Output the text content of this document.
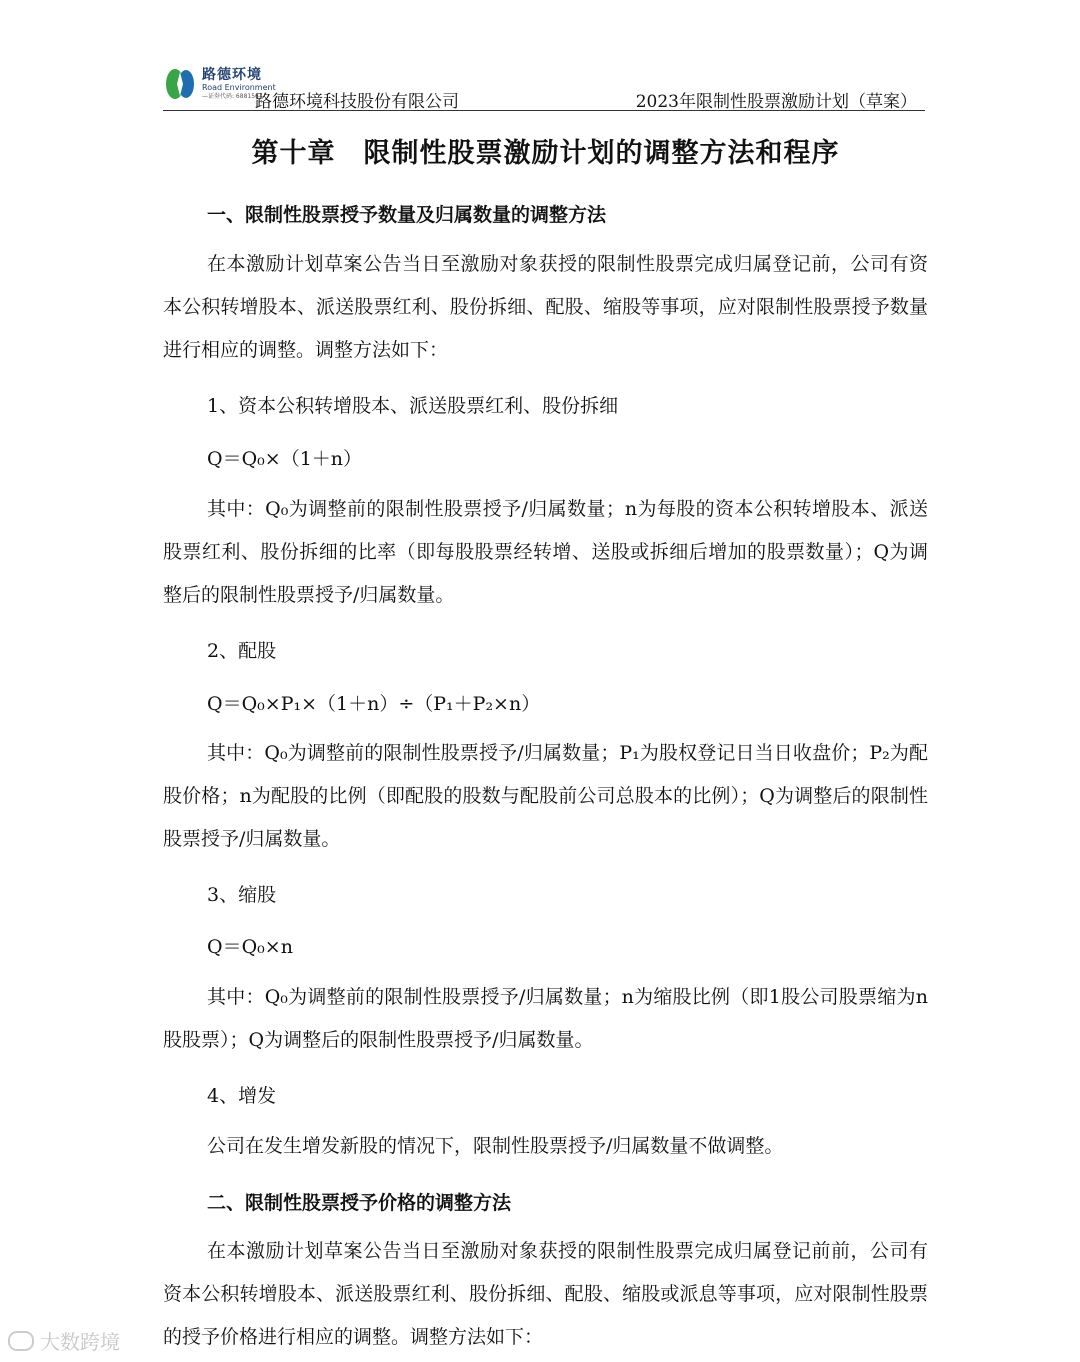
路德环境
Road Environment
—证券代码: 688156—
路德环境科技股份有限公司	2023年限制性股票激励计划（草案）
第十章　限制性股票激励计划的调整方法和程序
一、限制性股票授予数量及归属数量的调整方法
在本激励计划草案公告当日至激励对象获授的限制性股票完成归属登记前，公司有资本公积转增股本、派送股票红利、股份拆细、配股、缩股等事项，应对限制性股票授予数量进行相应的调整。调整方法如下：
1、资本公积转增股本、派送股票红利、股份拆细
Q＝Q₀×（1＋n）
其中：Q₀为调整前的限制性股票授予/归属数量；n为每股的资本公积转增股本、派送股票红利、股份拆细的比率（即每股股票经转增、送股或拆细后增加的股票数量）；Q为调整后的限制性股票授予/归属数量。
2、配股
Q＝Q₀×P₁×（1＋n）÷（P₁＋P₂×n）
其中：Q₀为调整前的限制性股票授予/归属数量；P₁为股权登记日当日收盘价；P₂为配股价格；n为配股的比例（即配股的股数与配股前公司总股本的比例）；Q为调整后的限制性股票授予/归属数量。
3、缩股
Q＝Q₀×n
其中：Q₀为调整前的限制性股票授予/归属数量；n为缩股比例（即1股公司股票缩为n股股票）；Q为调整后的限制性股票授予/归属数量。
4、增发
公司在发生增发新股的情况下，限制性股票授予/归属数量不做调整。
二、限制性股票授予价格的调整方法
在本激励计划草案公告当日至激励对象获授的限制性股票完成归属登记前前，公司有资本公积转增股本、派送股票红利、股份拆细、配股、缩股或派息等事项，应对限制性股票的授予价格进行相应的调整。调整方法如下：
大数跨境
